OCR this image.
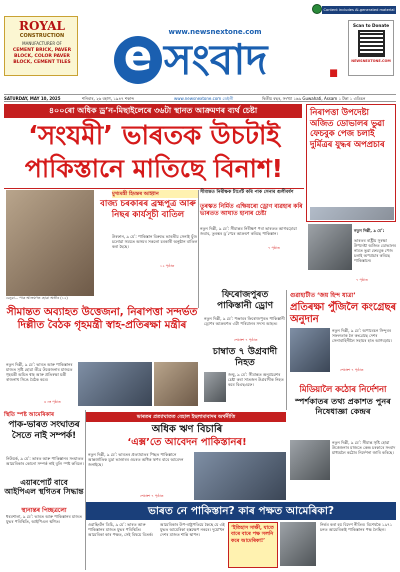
ROYAL
CONSTRUCTION
MANUFACTURER OF
CEMENT BRICK, PAVER BLOCK, COLOR PAVER BLOCK, CEMENT TILES
www.newsnextone.com
e সংবাদ .
Content includes AI-generated material
Scan to Donate
NEWSNEXTONE.COM
SATURDAY, MAY 10, 2025	শনিবাৰ, ২৬ বহাগ, ১৯৪৭ শকাব্দ	www.newsnextone.com ডেইলী	দ্বিতীয় বছৰ, সংখ্যা ১৬৯ Guwahati, Assam ১ টকা ১ এডিচন
৪০০ৰো অধিক ড্ৰ’ন-মিছাইলেৰে ৩৬টা স্থানত আক্ৰমণৰ ব্যৰ্থ চেষ্টা
‘সংযমী’ ভাৰতক উচটাই
পাকিস্তানে মাতিছে বিনাশ!
নিৰাপত্তা উপদেষ্টা অজিত ডোভালৰ ভুৱা ফেচবুক পেজ চলাই দুৰ্মিত্ৰৰ যুদ্ধৰ অপপ্ৰচাৰ
চেনুৱা... পাক আক্ৰমণত হোৱা অতীৰ (১২)
মুখ্যমন্ত্ৰী হিমন্তৰ আহ্বান
বাজ্য চৰকাৰৰ ব্ৰহ্মপুত্ৰ আৰু নিছৰ কাৰ্যসূচী বাতিল
উৰফান, ৯ মে’: পাকিস্তান বিৰুদ্ধে ভাৰতীয় সেনাই যুঁজ চলোৱা সময়ত অসমৰ সকলো চৰকাৰী অনুষ্ঠান বাতিল কৰা হৈছে।
১২ পৃষ্ঠাত
সীমান্তত নিৰীক্ষক টাৰ্গেট কৰি পাক সেনাৰ গুলীবৰ্ষণ
তুৰস্কত নিৰ্মিত এক্ষিয়ৰো ড্ৰোণ ব্যৱহাৰ কৰি ভাৰতত আঘাত হানাৰ চেষ্টা
নতুন দিল্লী, ৯ মে’: সীমান্তৰ নিৰীক্ষণ পৰা ভাৰতত আগবঢ়োৱা জবাব, তুৰস্কৰ ড্ৰ’ণেৰে আক্ৰমণ কৰিছে পাকিস্তান।
৭ পৃষ্ঠাত
নতুন দিল্লী, ৯ মে’:
ভাৰতৰ ৰাষ্ট্ৰীয় সুৰক্ষা উপদেষ্টা অজিত ডোভালৰ নামত ভুৱা ফেচবুক পেজ চলাই অপপ্ৰচাৰ কৰিছে পাকিস্তানে।
৭ পৃষ্ঠাত
সীমান্তত অব্যাহত উত্তেজনা, নিৰাপত্তা সন্দৰ্ভত দিল্লীত বৈঠক গৃহমন্ত্ৰী স্বাহ-প্ৰতিৰক্ষা মন্ত্ৰীৰ
নতুন দিল্লী, ৯ মে’: ভাৰত আৰু পাকিস্তানৰ মাজত সৃষ্টি হোৱা তীব্ৰ উত্তেজনাৰ মাজতে গৃহমন্ত্ৰী অমিত শ্বাহ আৰু প্ৰতিৰক্ষা মন্ত্ৰী ৰাজনাথ সিঙে বৈঠক কৰে।
৪ নং পৃষ্ঠাত
ফিৰোজপুৰত পাকিস্তানী ড্ৰোণ
নতুন দিল্লী, ৯ মে’: পঞ্জাবৰ ফিৰোজপুৰত পাকিস্তানী ড্ৰোণৰ আক্ৰমণত এটা পৰিয়ালৰ সদস্য আহত।
শেষাংশ ৭ পৃষ্ঠাত
চাম্বাত ৭ উগ্ৰবাদী নিহত
জম্মু, ৯ মে’: সীমান্তত অনুপ্ৰৱেশৰ চেষ্টা কৰা সাতজন উগ্ৰবাদীক নিহত কৰে বিএছএফে।
গুৱাহাটীত ‘জয় হিন্দ যাত্ৰা’
প্ৰতিৰক্ষা পুঁজিলৈ কংগ্ৰেছৰ অনুদান
নতুন দিল্লী, ৯ মে’: অপাৰেচন সিন্দুৰৰ সফলতাক লৈ কংগ্ৰেছে দেশৰ সেনাবাহিনীলৈ সহায়ৰ হাত আগবঢ়ায়।
শেষাংশ ৭ পৃষ্ঠাত
মিডিয়ালৈ কঠোৰ নিৰ্দেশনা
স্পৰ্শকাতৰ তথ্য প্ৰকাশত পুনৰ নিষেধাজ্ঞা কেন্দ্ৰৰ
নতুন দিল্লী, ৯ মে’: সীমান্ত সৃষ্টি হোৱা উত্তেজনাৰ মাজতে কেন্দ্ৰ চৰকাৰে সংবাদ মাধ্যমলৈ কঠোৰ নিৰ্দেশনা জাৰি কৰিছে।
স্থিতি স্পষ্ট আমেৰিকাৰ
পাক-ভাৰত সংঘাতৰ সৈতে নাই সম্পৰ্ক!
নিউয়ৰ্ক, ৯ মে’: ভাৰত আৰু পাকিস্তানৰ সংঘাতত আমেৰিকাৰ কোনো সম্পৰ্ক নাই বুলি স্পষ্ট কৰিলে।
ভাৰতৰ প্ৰত্যাঘাতত বেহাল ইছলামাবাদৰ অৰ্থনীতি
অধিক ঋণ বিচাৰি
‘এক্স’তে আবেদন পাকিস্তানৰ!
নতুন দিল্লী, ৯ মে’: ভাৰতৰ প্ৰত্যাঘাতৰ পিছত পাকিস্তানে আন্তৰ্জাতিক মুদ্ৰা ভাণ্ডাৰৰ ওচৰত অধিক ঋণৰ বাবে আবেদন জনাইছে।
শেষাংশ ৭ পৃষ্ঠাত
এয়াৰপোৰ্ট বাবে আইপিএল স্থগিতৰ সিদ্ধান্ত
স্থানান্তৰ পিচ্ছত্ৰলো
ধৰমশালা, ৯ মে’: ভাৰত আৰু পাকিস্তানৰ মাজত যুদ্ধৰ পৰিস্থিতি, আইপিএল স্থগিত।
ভাৰত নে পাকিস্তান? কাৰ পক্ষত আমেৰিকা?
ওৱাছিংটন ডিচি, ৯ মে’: ভাৰত আৰু পাকিস্তানৰ মাজত যুদ্ধৰ পৰিস্থিতি। আমেৰিকা কাৰ পক্ষত, সেই বিষয়ে বিতৰ্ক।
আমেৰিকাৰ উপ-ৰাষ্ট্ৰপতিয়ে কৈছে যে এই যুদ্ধত আমেৰিকা হস্তক্ষেপ নকৰে। দুয়োখন দেশৰ মাজত শান্তি স্থাপন।
‘ইতিহাস সাক্ষী, যাতে বাৰে বাৰে পক্ষ সলনি কৰে আমেৰিকা!’
নিৰ্ভৰ কৰা হয় বিদেশ নীতিৰ। বিশেষকৈ ১৯৭১ চনত আমেৰিকাই পাকিস্তানৰ পক্ষ লৈছিল।
